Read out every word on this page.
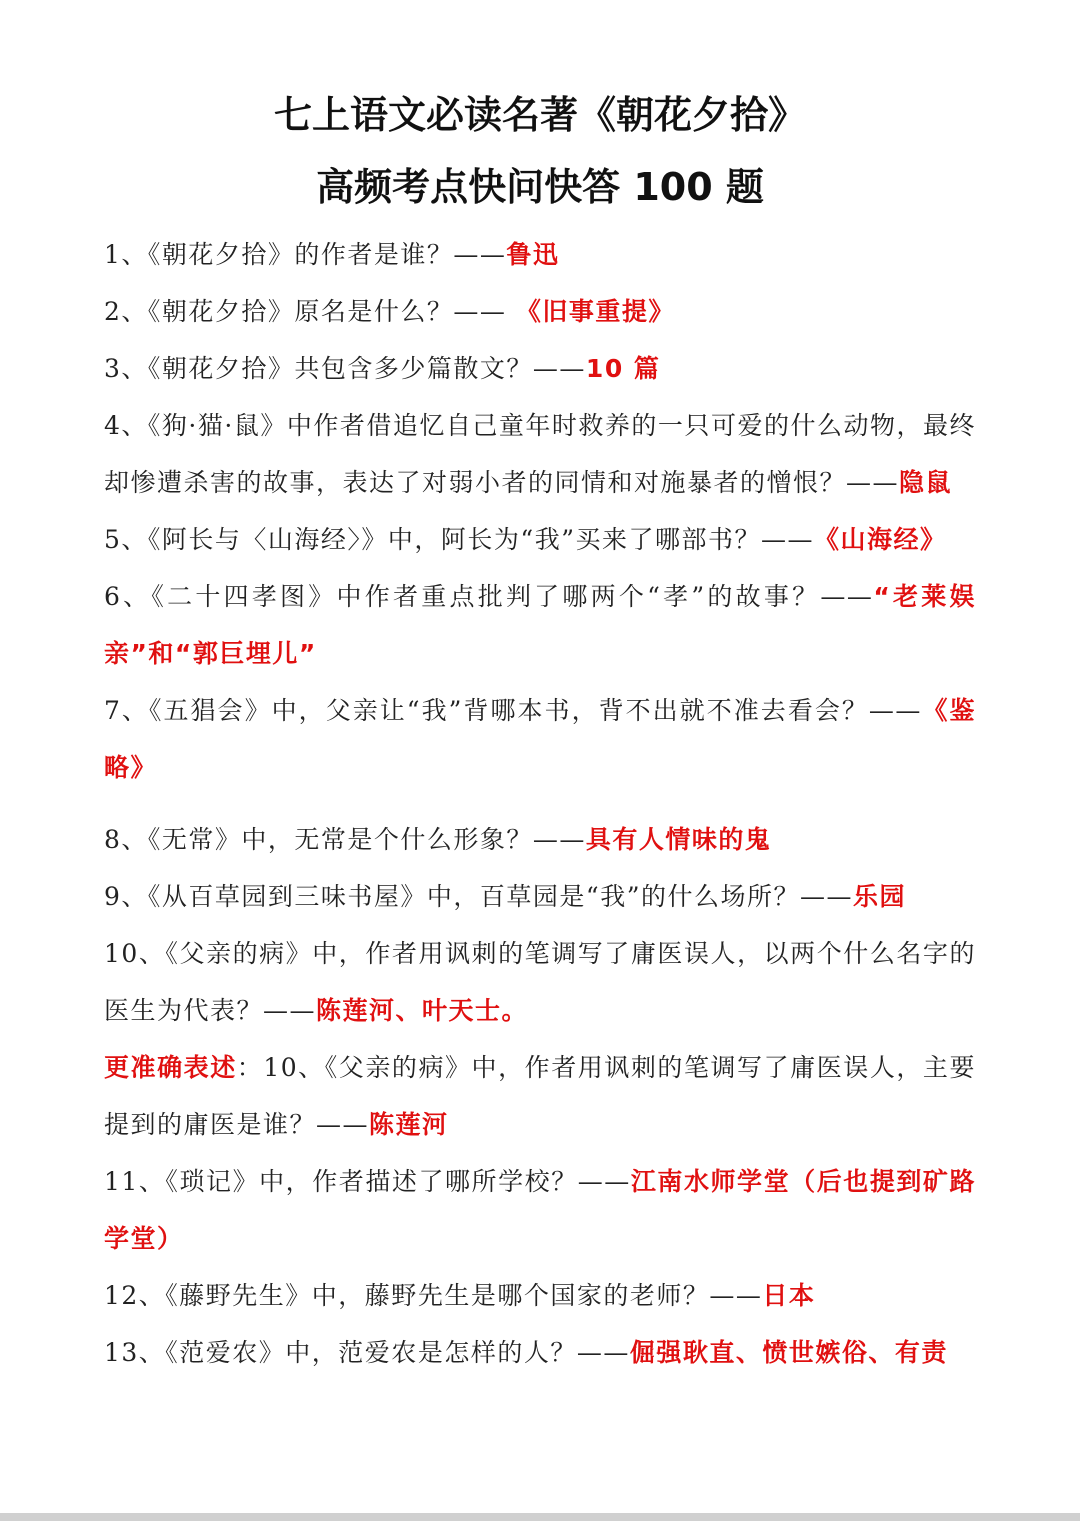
七上语文必读名著《朝花夕拾》
高频考点快问快答 100 题

1、《朝花夕拾》的作者是谁？——鲁迅

2、《朝花夕拾》原名是什么？—— 《旧事重提》

3、《朝花夕拾》共包含多少篇散文？——10 篇

4、《狗·猫·鼠》中作者借追忆自己童年时救养的一只可爱的什么动物，最终却惨遭杀害的故事，表达了对弱小者的同情和对施暴者的憎恨？——隐鼠

5、《阿长与〈山海经〉》中，阿长为“我”买来了哪部书？——《山海经》

6、《二十四孝图》中作者重点批判了哪两个“孝”的故事？——“老莱娱亲”和“郭巨埋儿”

7、《五猖会》中，父亲让“我”背哪本书，背不出就不准去看会？——《鉴略》

8、《无常》中，无常是个什么形象？——具有人情味的鬼

9、《从百草园到三味书屋》中，百草园是“我”的什么场所？——乐园

10、《父亲的病》中，作者用讽刺的笔调写了庸医误人，以两个什么名字的医生为代表？——陈莲河、叶天士。

更准确表述：10、《父亲的病》中，作者用讽刺的笔调写了庸医误人，主要提到的庸医是谁？——陈莲河

11、《琐记》中，作者描述了哪所学校？——江南水师学堂（后也提到矿路学堂）

12、《藤野先生》中，藤野先生是哪个国家的老师？——日本

13、《范爱农》中，范爱农是怎样的人？——倔强耿直、愤世嫉俗、有责
